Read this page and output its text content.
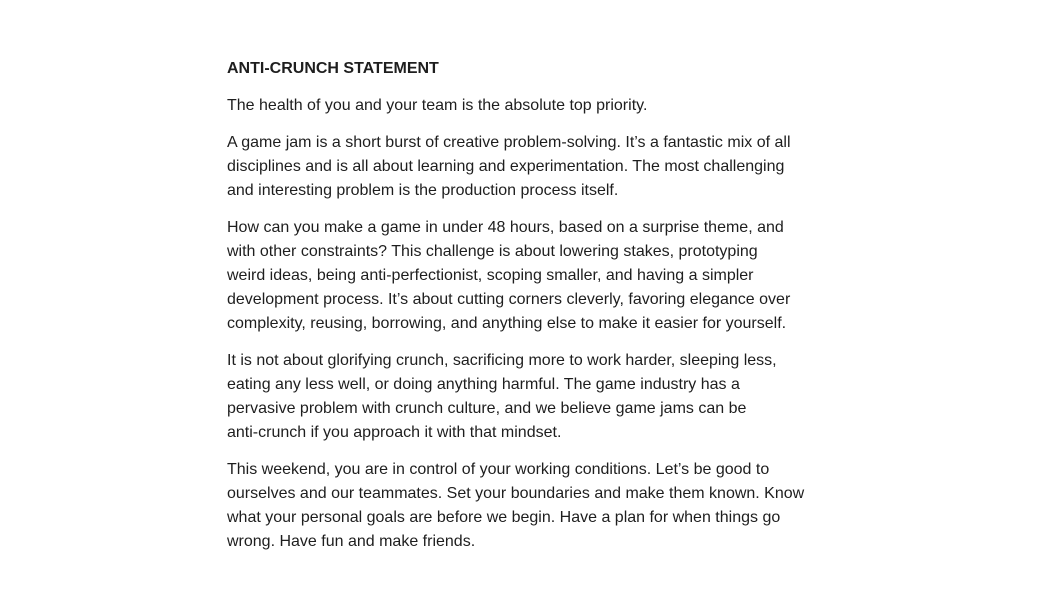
ANTI-CRUNCH STATEMENT
The health of you and your team is the absolute top priority.
A game jam is a short burst of creative problem-solving. It’s a fantastic mix of all
disciplines and is all about learning and experimentation. The most challenging
and interesting problem is the production process itself.
How can you make a game in under 48 hours, based on a surprise theme, and
with other constraints? This challenge is about lowering stakes, prototyping
weird ideas, being anti-perfectionist, scoping smaller, and having a simpler
development process. It’s about cutting corners cleverly, favoring elegance over
complexity, reusing, borrowing, and anything else to make it easier for yourself.
It is not about glorifying crunch, sacrificing more to work harder, sleeping less,
eating any less well, or doing anything harmful. The game industry has a
pervasive problem with crunch culture, and we believe game jams can be
anti-crunch if you approach it with that mindset.
This weekend, you are in control of your working conditions. Let’s be good to
ourselves and our teammates. Set your boundaries and make them known. Know
what your personal goals are before we begin. Have a plan for when things go
wrong. Have fun and make friends.
